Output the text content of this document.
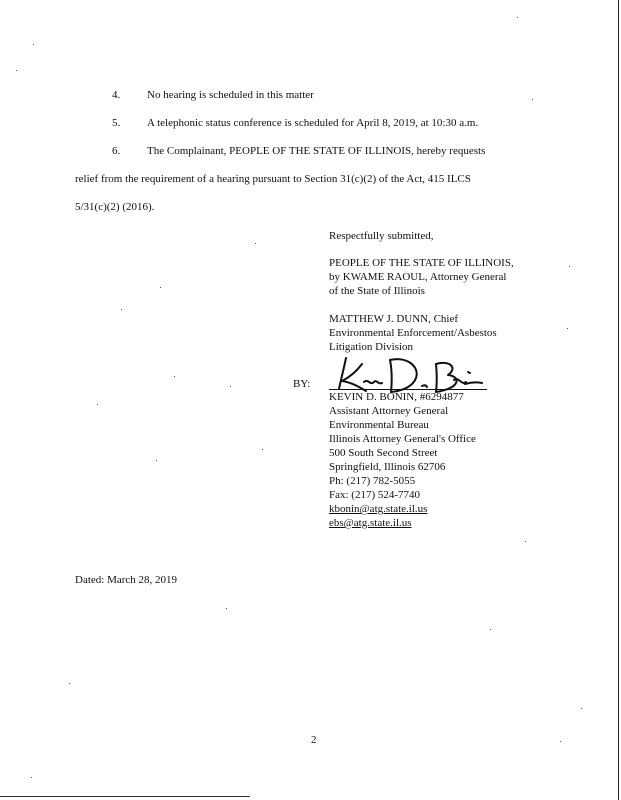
4. No hearing is scheduled in this matter
5. A telephonic status conference is scheduled for April 8, 2019, at 10:30 a.m.
6. The Complainant, PEOPLE OF THE STATE OF ILLINOIS, hereby requests
relief from the requirement of a hearing pursuant to Section 31(c)(2) of the Act, 415 ILCS
5/31(c)(2) (2016).
Respectfully submitted,
PEOPLE OF THE STATE OF ILLINOIS,
by KWAME RAOUL, Attorney General
of the State of Illinois
MATTHEW J. DUNN, Chief
Environmental Enforcement/Asbestos
Litigation Division
BY:
KEVIN D. BONIN, #6294877
Assistant Attorney General
Environmental Bureau
Illinois Attorney General's Office
500 South Second Street
Springfield, Illinois 62706
Ph: (217) 782-5055
Fax: (217) 524-7740
kbonin@atg.state.il.us
ebs@atg.state.il.us
Dated: March 28, 2019
2
